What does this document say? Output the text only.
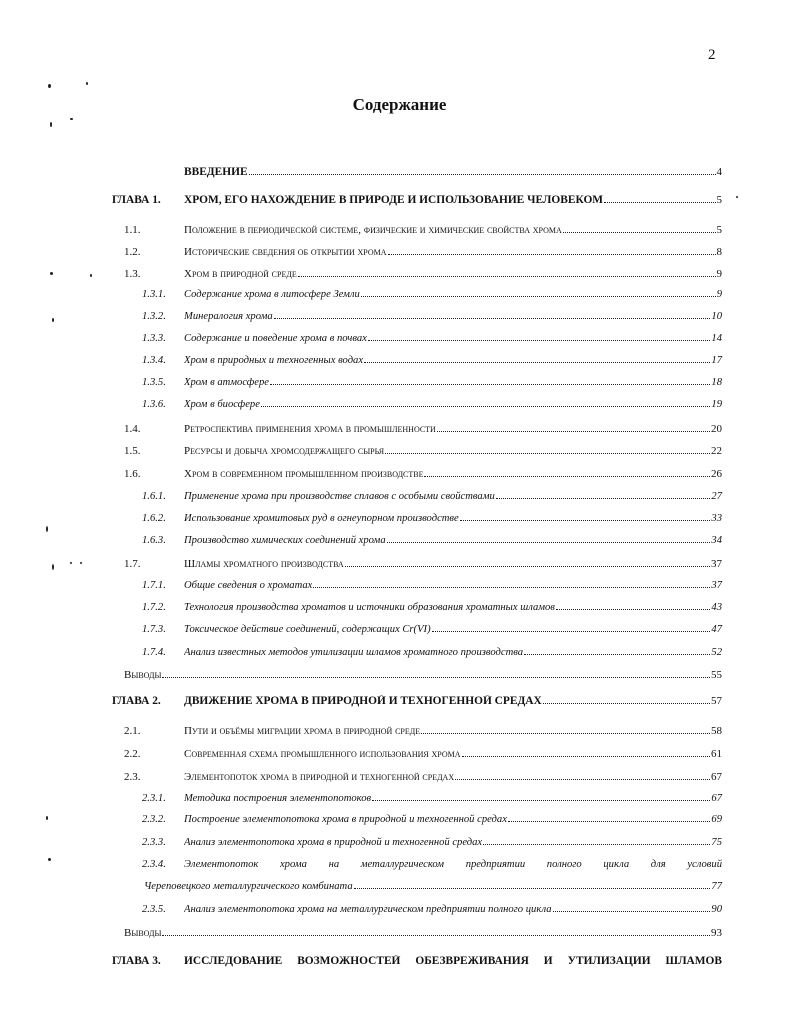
2
Содержание
ВВЕДЕНИЕ	4
ГЛАВА 1.	ХРОМ, ЕГО НАХОЖДЕНИЕ В ПРИРОДЕ И ИСПОЛЬЗОВАНИЕ ЧЕЛОВЕКОМ	5
1.1.	Положение в периодической системе, физические и химические свойства хрома	5
1.2.	Исторические сведения об открытии хрома	8
1.3.	Хром в природной среде	9
1.3.1.	Содержание хрома в литосфере Земли	9
1.3.2.	Минералогия хрома	10
1.3.3.	Содержание и поведение хрома в почвах	14
1.3.4.	Хром в природных и техногенных водах	17
1.3.5.	Хром в атмосфере	18
1.3.6.	Хром в биосфере	19
1.4.	Ретроспектива применения хрома в промышленности	20
1.5.	Ресурсы и добыча хромсодержащего сырья	22
1.6.	Хром в современном промышленном производстве	26
1.6.1.	Применение хрома при производстве сплавов с особыми свойствами	27
1.6.2.	Использование хромитовых руд в огнеупорном производстве	33
1.6.3.	Производство химических соединений хрома	34
1.7.	Шламы хроматного производства	37
1.7.1.	Общие сведения о хроматах	37
1.7.2.	Технология производства хроматов и источники образования хроматных шламов	43
1.7.3.	Токсическое действие соединений, содержащих Cr(VI)	47
1.7.4.	Анализ известных методов утилизации шламов хроматного производства	52
Выводы	55
ГЛАВА 2.	ДВИЖЕНИЕ ХРОМА В ПРИРОДНОЙ И ТЕХНОГЕННОЙ СРЕДАХ	57
2.1.	Пути и объёмы миграции хрома в природной среде	58
2.2.	Современная схема промышленного использования хрома	61
2.3.	Элементопоток хрома в природной и техногенной средах	67
2.3.1.	Методика построения элементопотоков	67
2.3.2.	Построение элементопотока хрома в природной и техногенной средах	69
2.3.3.	Анализ элементопотока хрома в природной и техногенной средах	75
2.3.4.	Элементопоток хрома на металлургическом предприятии полного цикла для условий
Череповецкого металлургического комбината	77
2.3.5.	Анализ элементопотока хрома на металлургическом предприятии полного цикла	90
Выводы	93
ГЛАВА 3.	ИССЛЕДОВАНИЕ ВОЗМОЖНОСТЕЙ ОБЕЗВРЕЖИВАНИЯ И УТИЛИЗАЦИИ ШЛАМОВ
